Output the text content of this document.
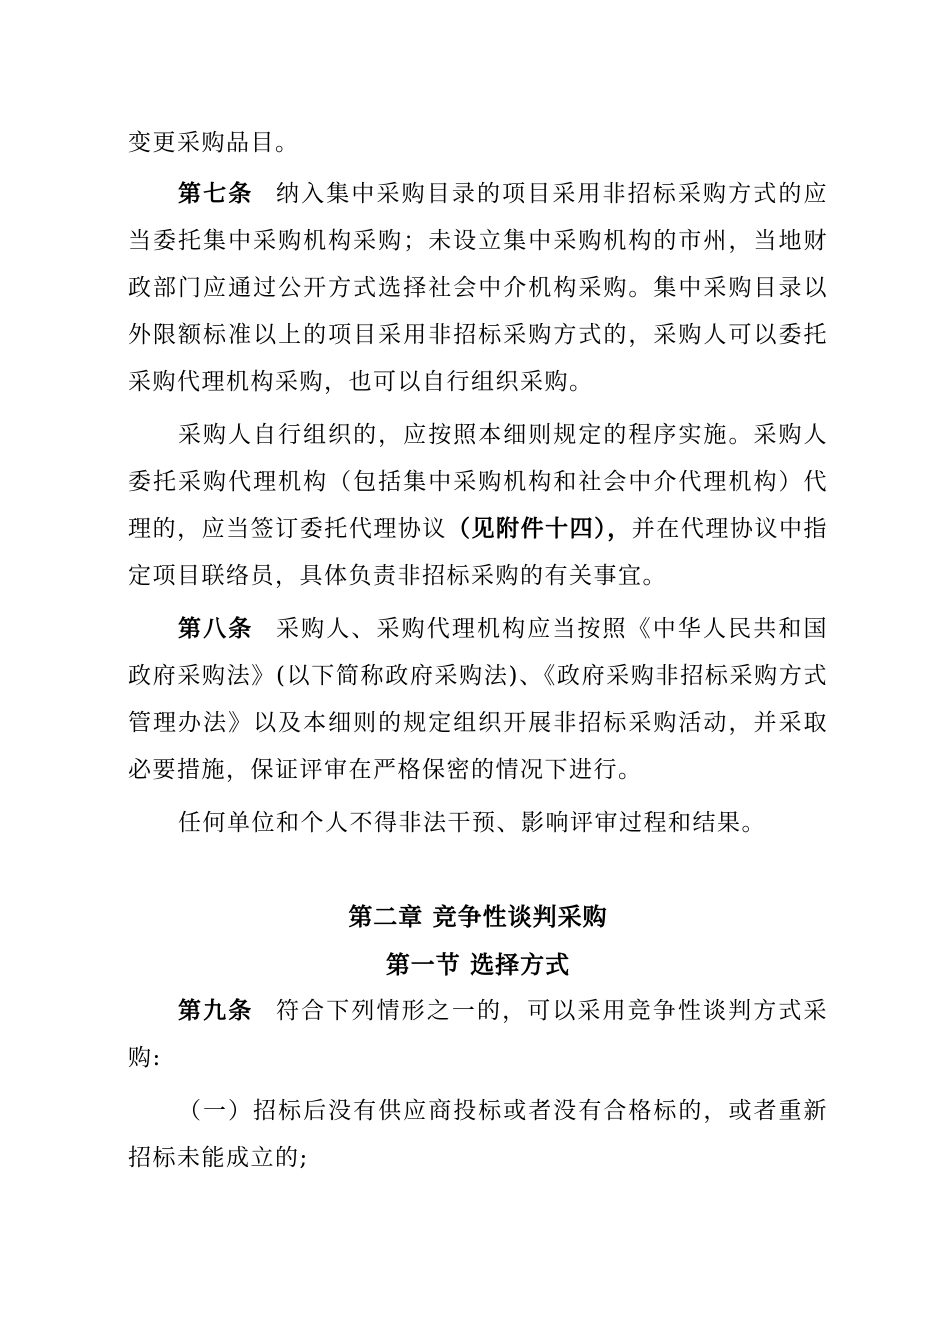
变更采购品目。

第七条 纳入集中采购目录的项目采用非招标采购方式的应当委托集中采购机构采购；未设立集中采购机构的市州，当地财政部门应通过公开方式选择社会中介机构采购。集中采购目录以外限额标准以上的项目采用非招标采购方式的，采购人可以委托采购代理机构采购，也可以自行组织采购。

采购人自行组织的，应按照本细则规定的程序实施。采购人委托采购代理机构（包括集中采购机构和社会中介代理机构）代理的，应当签订委托代理协议（见附件十四），并在代理协议中指定项目联络员，具体负责非招标采购的有关事宜。

第八条 采购人、采购代理机构应当按照《中华人民共和国政府采购法》(以下简称政府采购法)、《政府采购非招标采购方式管理办法》以及本细则的规定组织开展非招标采购活动，并采取必要措施，保证评审在严格保密的情况下进行。

任何单位和个人不得非法干预、影响评审过程和结果。

第二章 竞争性谈判采购
第一节 选择方式

第九条 符合下列情形之一的，可以采用竞争性谈判方式采购:

（一）招标后没有供应商投标或者没有合格标的，或者重新招标未能成立的;
